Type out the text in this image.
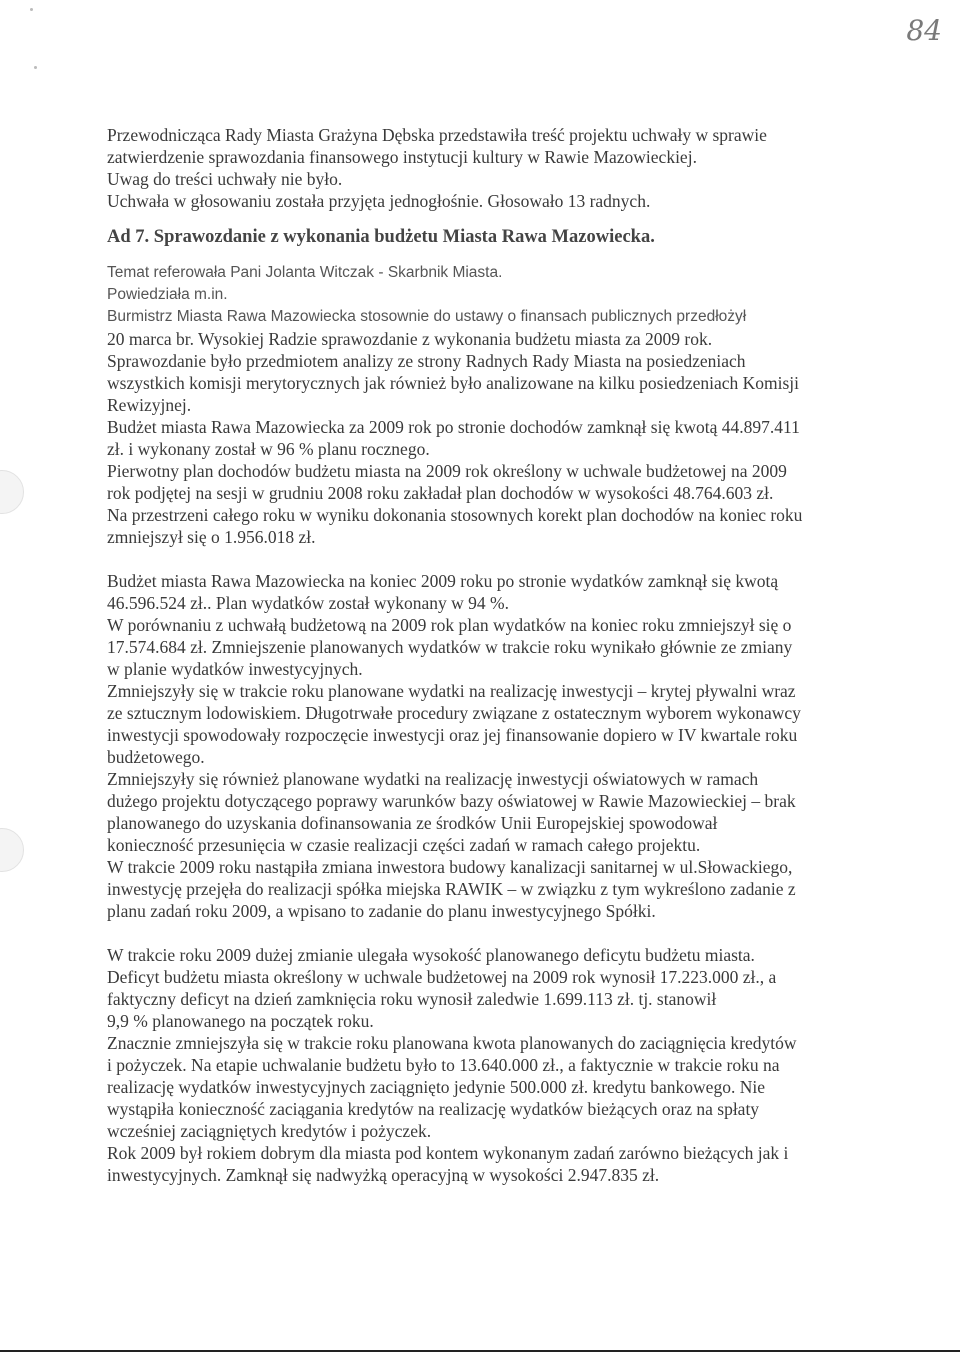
84

Przewodnicząca Rady Miasta Grażyna Dębska przedstawiła treść projektu uchwały w sprawie

zatwierdzenie sprawozdania finansowego instytucji kultury w Rawie Mazowieckiej.

Uwag do treści uchwały nie było.

Uchwała w głosowaniu została przyjęta jednogłośnie. Głosowało 13 radnych.

Ad 7. Sprawozdanie z wykonania budżetu Miasta Rawa Mazowiecka.

Temat referowała Pani Jolanta Witczak - Skarbnik Miasta.

Powiedziała m.in.

Burmistrz Miasta Rawa Mazowiecka stosownie do ustawy o finansach publicznych przedłożył

20 marca br. Wysokiej Radzie sprawozdanie z wykonania budżetu miasta za 2009 rok.

Sprawozdanie było przedmiotem analizy ze strony Radnych Rady Miasta na posiedzeniach

wszystkich komisji merytorycznych jak również było analizowane na kilku posiedzeniach Komisji

Rewizyjnej.

Budżet miasta Rawa Mazowiecka za 2009 rok po stronie dochodów zamknął się kwotą 44.897.411

zł. i wykonany został w 96 % planu rocznego.

Pierwotny plan dochodów budżetu miasta na 2009 rok określony w uchwale budżetowej na 2009

rok podjętej na sesji w grudniu 2008 roku zakładał plan dochodów w wysokości 48.764.603 zł.

Na przestrzeni całego roku w wyniku dokonania stosownych korekt plan dochodów na koniec roku

zmniejszył się o 1.956.018 zł.

Budżet miasta Rawa Mazowiecka na koniec 2009 roku po stronie wydatków zamknął się kwotą

46.596.524 zł.. Plan wydatków został wykonany w 94 %.

W porównaniu z uchwałą budżetową na 2009 rok plan wydatków na koniec roku zmniejszył się o

17.574.684 zł. Zmniejszenie planowanych wydatków w trakcie roku wynikało głównie ze zmiany

w planie wydatków inwestycyjnych.

Zmniejszyły się w trakcie roku planowane wydatki na realizację inwestycji – krytej pływalni wraz

ze sztucznym lodowiskiem. Długotrwałe procedury związane z ostatecznym wyborem wykonawcy

inwestycji spowodowały rozpoczęcie inwestycji oraz jej finansowanie dopiero w IV kwartale roku

budżetowego.

Zmniejszyły się również planowane wydatki na realizację inwestycji oświatowych w ramach

dużego projektu dotyczącego poprawy warunków bazy oświatowej w Rawie Mazowieckiej – brak

planowanego do uzyskania dofinansowania ze środków Unii Europejskiej spowodował

konieczność przesunięcia w czasie realizacji części zadań w ramach całego projektu.

W trakcie 2009 roku nastąpiła zmiana inwestora budowy kanalizacji sanitarnej w ul.Słowackiego,

inwestycję przejęła do realizacji spółka miejska RAWIK – w związku z tym wykreślono zadanie z

planu zadań roku 2009, a wpisano to zadanie do planu inwestycyjnego Spółki.

W trakcie roku 2009 dużej zmianie ulegała wysokość planowanego deficytu budżetu miasta.

Deficyt budżetu miasta określony w uchwale budżetowej na 2009 rok wynosił 17.223.000 zł., a

faktyczny deficyt na dzień zamknięcia roku wynosił zaledwie 1.699.113 zł. tj. stanowił

9,9 % planowanego na początek roku.

Znacznie zmniejszyła się w trakcie roku planowana kwota planowanych do zaciągnięcia kredytów

i pożyczek. Na etapie uchwalanie budżetu było to 13.640.000 zł., a faktycznie w trakcie roku na

realizację wydatków inwestycyjnych zaciągnięto jedynie 500.000 zł. kredytu bankowego. Nie

wystąpiła konieczność zaciągania kredytów na realizację wydatków bieżących oraz na spłaty

wcześniej zaciągniętych kredytów i pożyczek.

Rok 2009 był rokiem dobrym dla miasta pod kontem wykonanym zadań zarówno bieżących jak i

inwestycyjnych. Zamknął się nadwyżką operacyjną w wysokości 2.947.835 zł.
